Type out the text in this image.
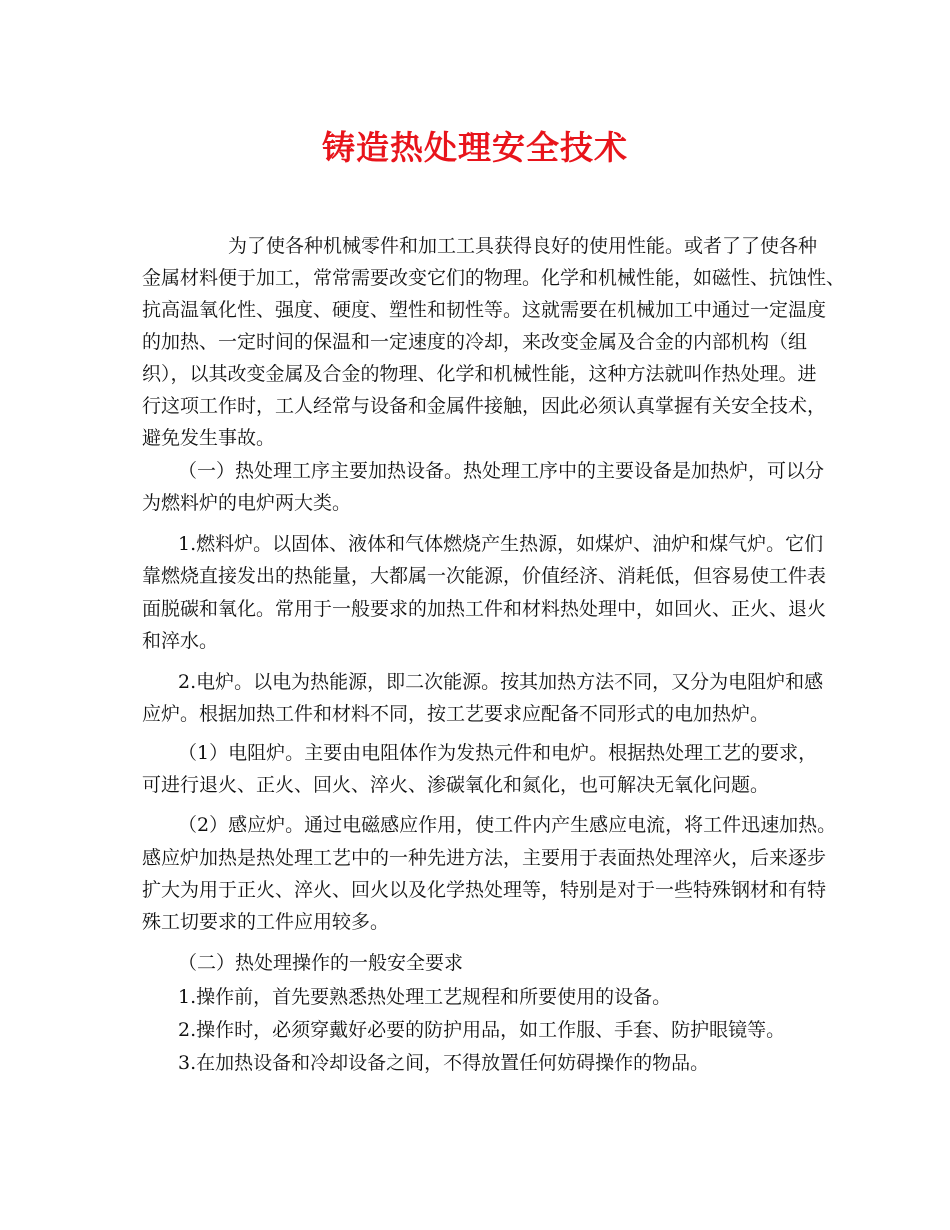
铸造热处理安全技术
为了使各种机械零件和加工工具获得良好的使用性能。或者了了使各种
金属材料便于加工，常常需要改变它们的物理。化学和机械性能，如磁性、抗蚀性、
抗高温氧化性、强度、硬度、塑性和韧性等。这就需要在机械加工中通过一定温度
的加热、一定时间的保温和一定速度的冷却，来改变金属及合金的内部机构（组
织），以其改变金属及合金的物理、化学和机械性能，这种方法就叫作热处理。进
行这项工作时，工人经常与设备和金属件接触，因此必须认真掌握有关安全技术，
避免发生事故。
（一）热处理工序主要加热设备。热处理工序中的主要设备是加热炉，可以分
为燃料炉的电炉两大类。
1.燃料炉。以固体、液体和气体燃烧产生热源，如煤炉、油炉和煤气炉。它们
靠燃烧直接发出的热能量，大都属一次能源，价值经济、消耗低，但容易使工件表
面脱碳和氧化。常用于一般要求的加热工件和材料热处理中，如回火、正火、退火
和淬水。
2.电炉。以电为热能源，即二次能源。按其加热方法不同，又分为电阻炉和感
应炉。根据加热工件和材料不同，按工艺要求应配备不同形式的电加热炉。
（1）电阻炉。主要由电阻体作为发热元件和电炉。根据热处理工艺的要求，
可进行退火、正火、回火、淬火、渗碳氧化和氮化，也可解决无氧化问题。
（2）感应炉。通过电磁感应作用，使工件内产生感应电流，将工件迅速加热。
感应炉加热是热处理工艺中的一种先进方法，主要用于表面热处理淬火，后来逐步
扩大为用于正火、淬火、回火以及化学热处理等，特别是对于一些特殊钢材和有特
殊工切要求的工件应用较多。
（二）热处理操作的一般安全要求
1.操作前，首先要熟悉热处理工艺规程和所要使用的设备。
2.操作时，必须穿戴好必要的防护用品，如工作服、手套、防护眼镜等。
3.在加热设备和冷却设备之间，不得放置任何妨碍操作的物品。
